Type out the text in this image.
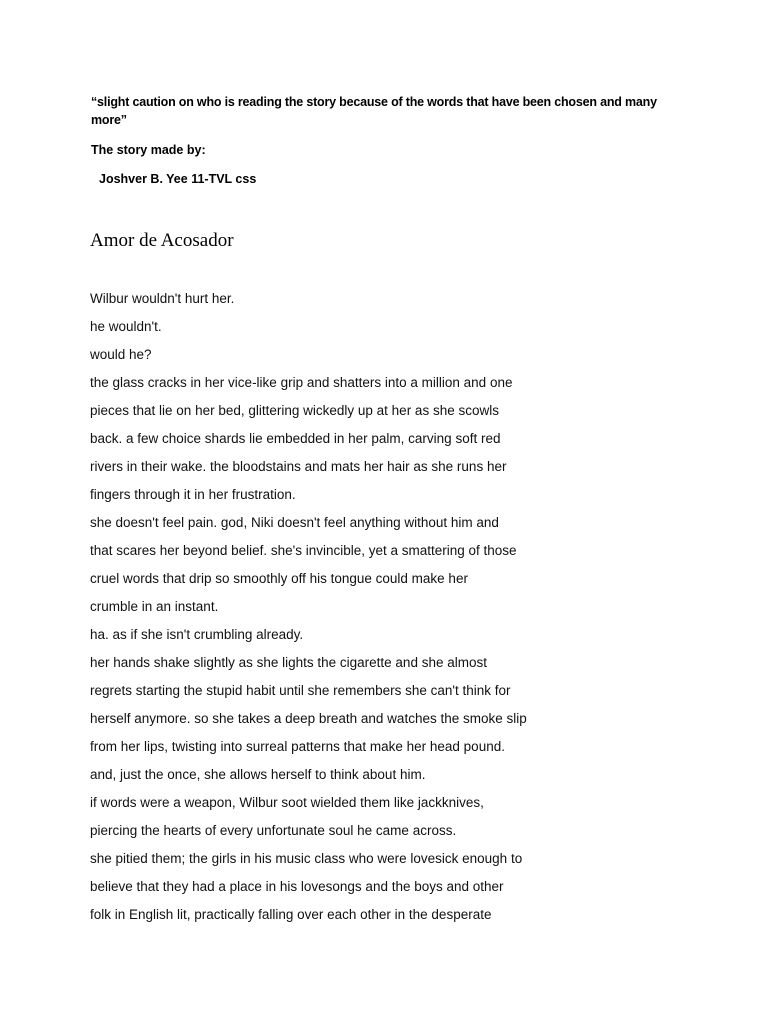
“slight caution on who is reading the story because of the words that have been chosen and many more”
The story made by:
Joshver B. Yee 11-TVL css
Amor de Acosador
Wilbur wouldn't hurt her.
he wouldn't.
would he?
the glass cracks in her vice-like grip and shatters into a million and one
pieces that lie on her bed, glittering wickedly up at her as she scowls
back. a few choice shards lie embedded in her palm, carving soft red
rivers in their wake. the bloodstains and mats her hair as she runs her
fingers through it in her frustration.
she doesn't feel pain. god, Niki doesn't feel anything without him and
that scares her beyond belief. she's invincible, yet a smattering of those
cruel words that drip so smoothly off his tongue could make her
crumble in an instant.
ha. as if she isn't crumbling already.
her hands shake slightly as she lights the cigarette and she almost
regrets starting the stupid habit until she remembers she can't think for
herself anymore. so she takes a deep breath and watches the smoke slip
from her lips, twisting into surreal patterns that make her head pound.
and, just the once, she allows herself to think about him.
if words were a weapon, Wilbur soot wielded them like jackknives,
piercing the hearts of every unfortunate soul he came across.
she pitied them; the girls in his music class who were lovesick enough to
believe that they had a place in his lovesongs and the boys and other
folk in English lit, practically falling over each other in the desperate
